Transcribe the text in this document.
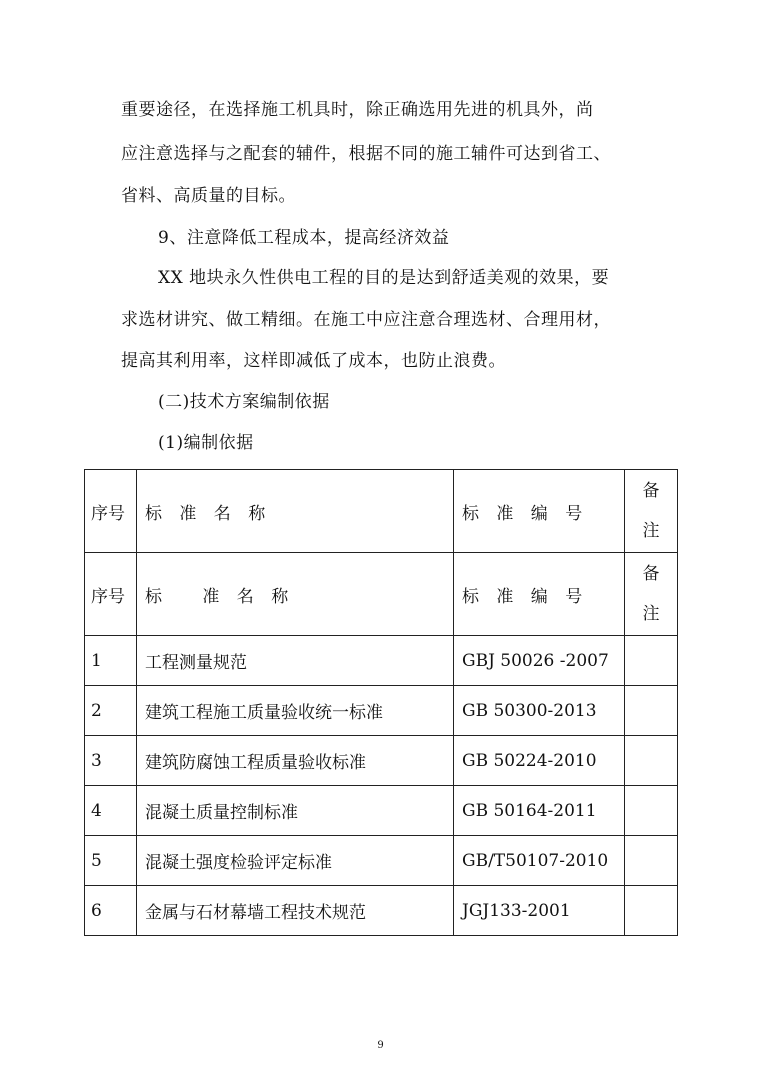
重要途径，在选择施工机具时，除正确选用先进的机具外，尚
应注意选择与之配套的辅件，根据不同的施工辅件可达到省工、
省料、高质量的目标。
9、注意降低工程成本，提高经济效益
XX 地块永久性供电工程的目的是达到舒适美观的效果，要
求选材讲究、做工精细。在施工中应注意合理选材、合理用材，
提高其利用率，这样即减低了成本，也防止浪费。
(二)技术方案编制依据
(1)编制依据
序号	标 准 名 称	标 准 编 号	备
注
序号	标　 准 名 称	标 准 编 号	备
注
1	工程测量规范	GBJ 50026 -2007	
2	建筑工程施工质量验收统一标准	GB 50300-2013	
3	建筑防腐蚀工程质量验收标准	GB 50224-2010	
4	混凝土质量控制标准	GB 50164-2011	
5	混凝土强度检验评定标准	GB/T50107-2010	
6	金属与石材幕墙工程技术规范	JGJ133-2001	
9
